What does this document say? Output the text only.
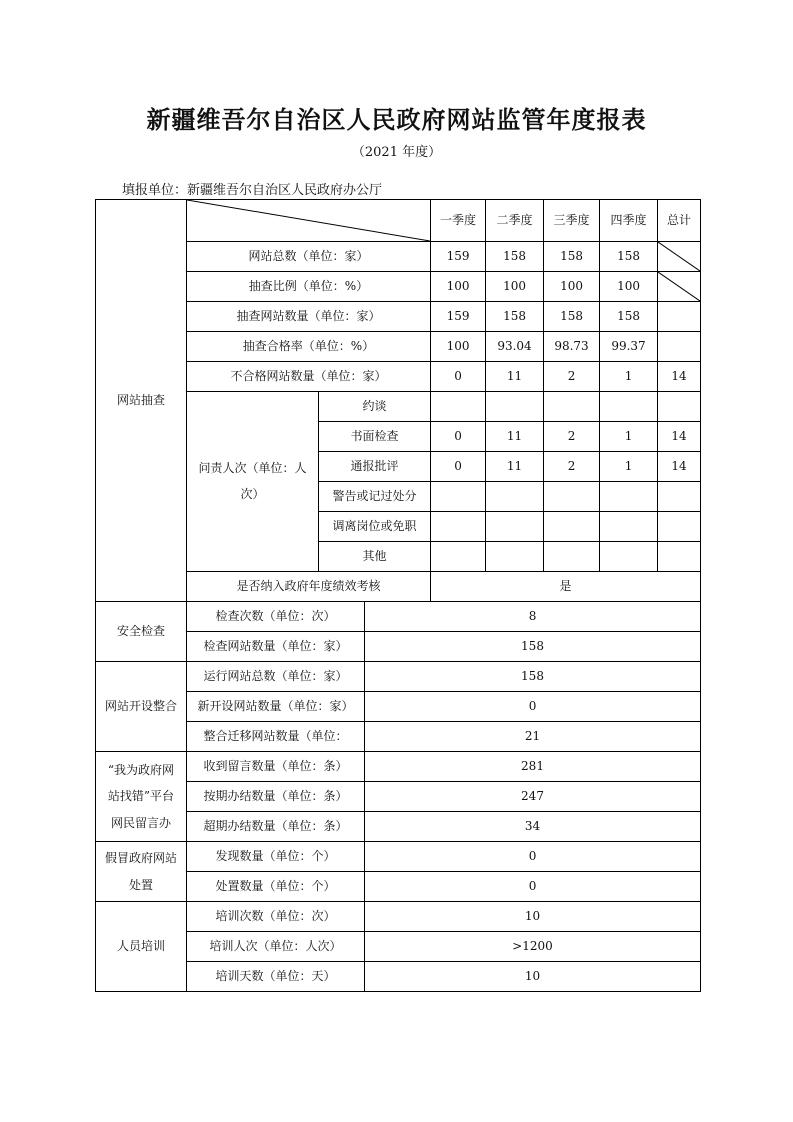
新疆维吾尔自治区人民政府网站监管年度报表
（2021 年度）
填报单位：新疆维吾尔自治区人民政府办公厅
网站抽查				一季度	二季度	三季度	四季度	总计
	网站总数（单位：家）			159	158	158	158	

	抽查比例（单位：%）			100	100	100	100	

	抽查网站数量（单位：家）			159	158	158	158	
	抽查合格率（单位：%）			100	93.04	98.73	99.37	
	不合格网站数量（单位：家）			0	11	2	1	14
	问责人次（单位：人次）	约谈						
		书面检查		0	11	2	1	14
		通报批评		0	11	2	1	14
		警告或记过处分						
		调离岗位或免职						
		其他						
	是否纳入政府年度绩效考核			是				
安全检查	检查次数（单位：次）		8					
	检查网站数量（单位：家）		158					
网站开设整合	运行网站总数（单位：家）		158					
	新开设网站数量（单位：家）		0					
	整合迁移网站数量（单位：		21					
“我为政府网站找错”平台网民留言办	收到留言数量（单位：条）		281					
	按期办结数量（单位：条）		247					
	超期办结数量（单位：条）		34					
假冒政府网站处置	发现数量（单位：个）		0					
	处置数量（单位：个）		0					
人员培训	培训次数（单位：次）		10					
	培训人次（单位：人次）		>1200					
	培训天数（单位：天）		10					
